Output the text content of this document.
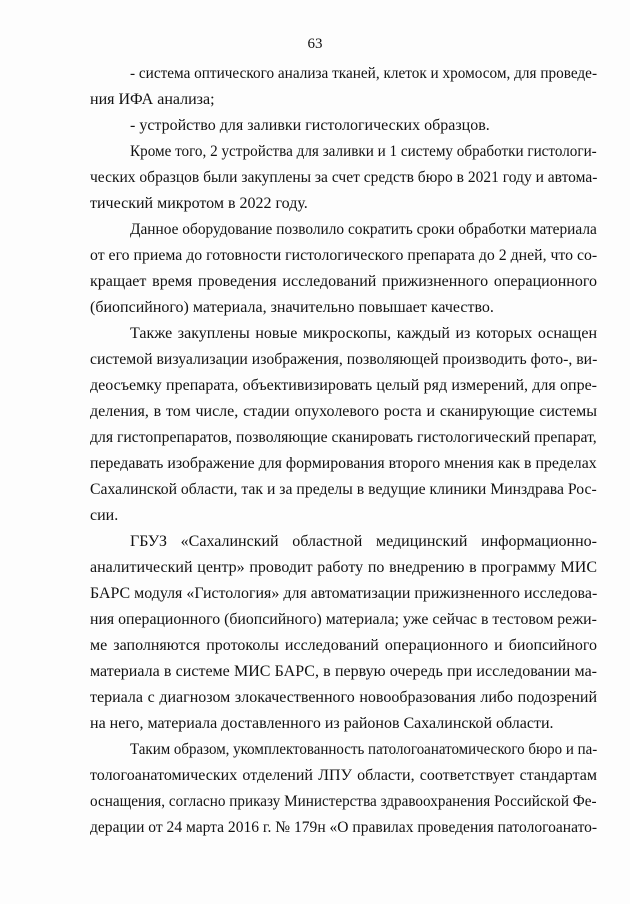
63
- система оптического анализа тканей, клеток и хромосом, для проведе-
ния ИФА анализа;
- устройство для заливки гистологических образцов.
Кроме того, 2 устройства для заливки и 1 систему обработки гистологи-
ческих образцов были закуплены за счет средств бюро в 2021 году и автома-
тический микротом в 2022 году.
Данное оборудование позволило сократить сроки обработки материала
от его приема до готовности гистологического препарата до 2 дней, что со-
кращает время проведения исследований прижизненного операционного
(биопсийного) материала, значительно повышает качество.
Также закуплены новые микроскопы, каждый из которых оснащен
системой визуализации изображения, позволяющей производить фото-, ви-
деосъемку препарата, объективизировать целый ряд измерений, для опре-
деления, в том числе, стадии опухолевого роста и сканирующие системы
для гистопрепаратов, позволяющие сканировать гистологический препарат,
передавать изображение для формирования второго мнения как в пределах
Сахалинской области, так и за пределы в ведущие клиники Минздрава Рос-
сии.
ГБУЗ «Сахалинский областной медицинский информационно-
аналитический центр» проводит работу по внедрению в программу МИС
БАРС модуля «Гистология» для автоматизации прижизненного исследова-
ния операционного (биопсийного) материала; уже сейчас в тестовом режи-
ме заполняются протоколы исследований операционного и биопсийного
материала в системе МИС БАРС, в первую очередь при исследовании ма-
териала с диагнозом злокачественного новообразования либо подозрений
на него, материала доставленного из районов Сахалинской области.
Таким образом, укомплектованность патологоанатомического бюро и па-
тологоанатомических отделений ЛПУ области, соответствует стандартам
оснащения, согласно приказу Министерства здравоохранения Российской Фе-
дерации от 24 марта 2016 г. № 179н «О правилах проведения патологоанато-
